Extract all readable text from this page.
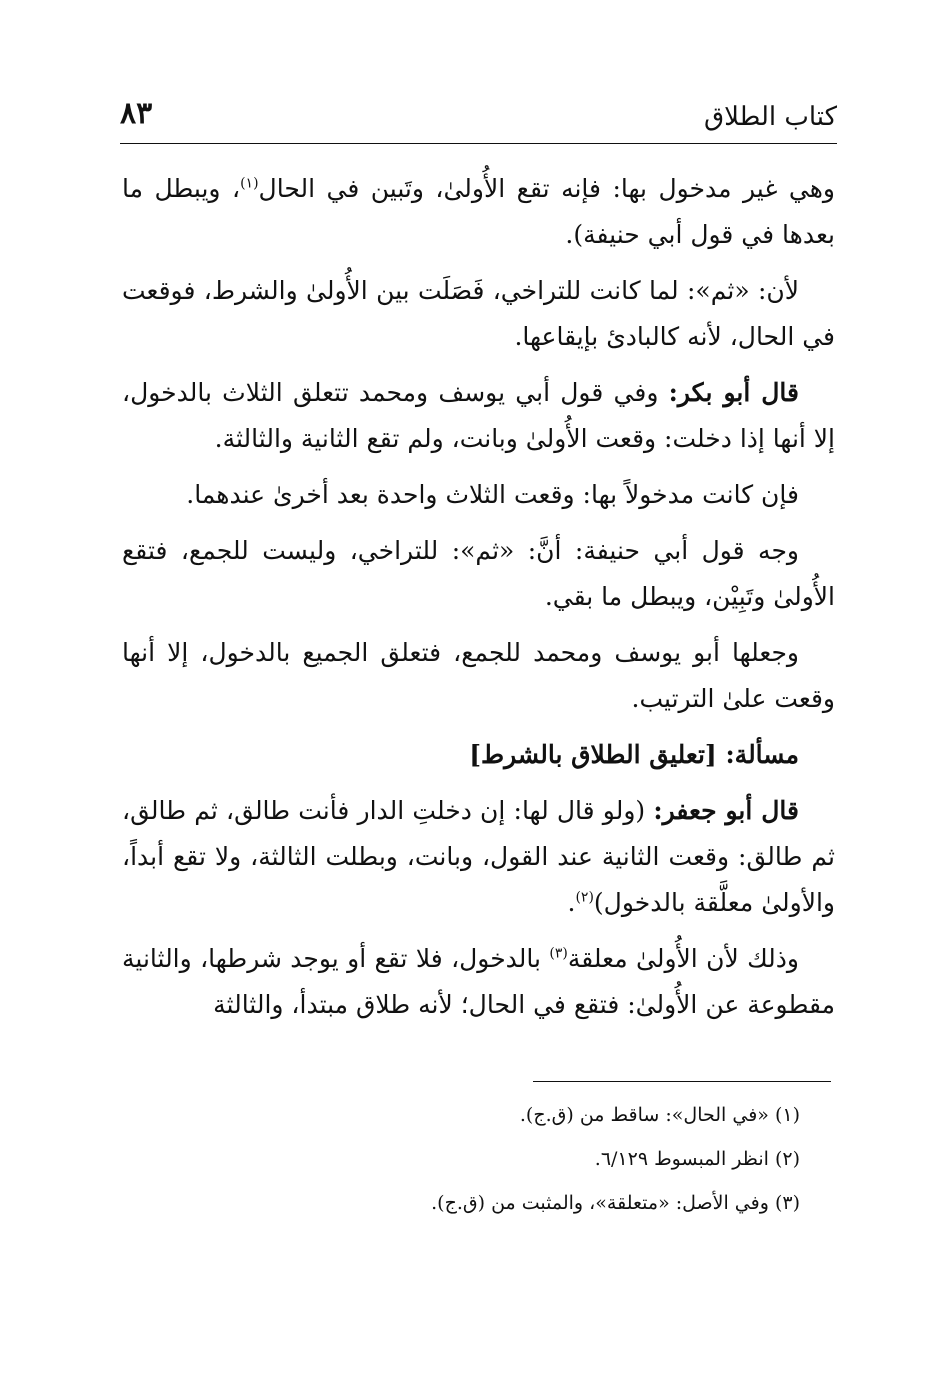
كتاب الطلاق
٨٣

وهي غير مدخول بها: فإنه تقع الأُولىٰ، وتَبين في الحال$^{(١)}$، ويبطل ما بعدها في قول أبي حنيفة).

لأن: «ثم»: لما كانت للتراخي، فَصَلَت بين الأُولىٰ والشرط، فوقعت في الحال، لأنه كالبادئ بإيقاعها.

قال أبو بكر: وفي قول أبي يوسف ومحمد تتعلق الثلاث بالدخول، إلا أنها إذا دخلت: وقعت الأُولىٰ وبانت، ولم تقع الثانية والثالثة.

فإن كانت مدخولاً بها: وقعت الثلاث واحدة بعد أخرىٰ عندهما.

وجه قول أبي حنيفة: أنَّ: «ثم»: للتراخي، وليست للجمع، فتقع الأُولىٰ وتَبِيْن، ويبطل ما بقي.

وجعلها أبو يوسف ومحمد للجمع، فتعلق الجميع بالدخول، إلا أنها وقعت علىٰ الترتيب.

مسألة: [تعليق الطلاق بالشرط]

قال أبو جعفر: (ولو قال لها: إن دخلتِ الدار فأنت طالق، ثم طالق، ثم طالق: وقعت الثانية عند القول، وبانت، وبطلت الثالثة، ولا تقع أبداً، والأولىٰ معلَّقة بالدخول)$^{(٢)}$.

وذلك لأن الأُولىٰ معلقة$^{(٣)}$ بالدخول، فلا تقع أو يوجد شرطها، والثانية مقطوعة عن الأُولىٰ: فتقع في الحال؛ لأنه طلاق مبتدأ، والثالثة

(١) «في الحال»: ساقط من (ق.ج).

(٢) انظر المبسوط ٦/١٢٩.

(٣) وفي الأصل: «متعلقة»، والمثبت من (ق.ج).
